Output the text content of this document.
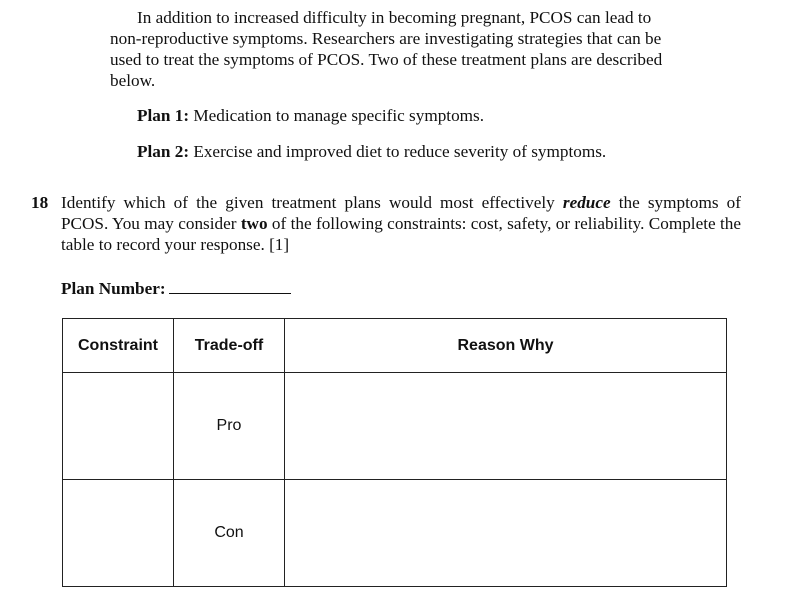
In addition to increased difficulty in becoming pregnant, PCOS can lead to
non-reproductive symptoms. Researchers are investigating strategies that can be
used to treat the symptoms of PCOS. Two of these treatment plans are described
below.
Plan 1: Medication to manage specific symptoms.
Plan 2: Exercise and improved diet to reduce severity of symptoms.
18 Identify which of the given treatment plans would most effectively reduce the symptoms of PCOS. You may consider two of the following constraints: cost, safety, or reliability. Complete the table to record your response. [1]
Plan Number:
Constraint	Trade-off	Reason Why
	Pro	
	Con	
